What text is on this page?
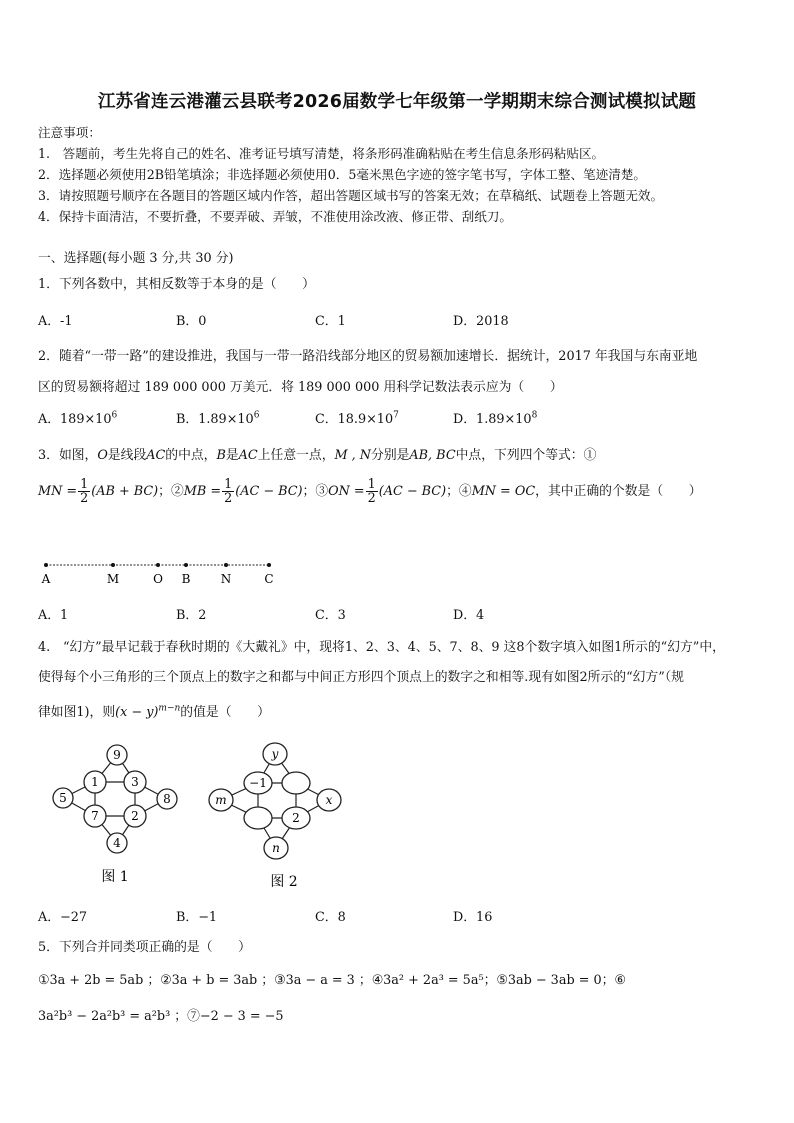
江苏省连云港灌云县联考2026届数学七年级第一学期期末综合测试模拟试题
注意事项：
1.　答题前，考生先将自己的姓名、准考证号填写清楚，将条形码准确粘贴在考生信息条形码粘贴区。
2．选择题必须使用2B铅笔填涂；非选择题必须使用0．5毫米黑色字迹的签字笔书写，字体工整、笔迹清楚。
3．请按照题号顺序在各题目的答题区域内作答，超出答题区域书写的答案无效；在草稿纸、试题卷上答题无效。
4．保持卡面清洁，不要折叠，不要弄破、弄皱，不准使用涂改液、修正带、刮纸刀。
一、选择题(每小题 3 分,共 30 分)
1．下列各数中，其相反数等于本身的是（　　）
A．-1	B．0	C．1	D．2018
2．随着“一带一路”的建设推进，我国与一带一路沿线部分地区的贸易额加速增长．据统计，2017 年我国与东南亚地
区的贸易额将超过 189 000 000 万美元．将 189 000 000 用科学记数法表示应为（　　）
A．$189\times 10^6$	B．$1.89\times 10^6$	C．$18.9\times 10^7$	D．$1.89\times 10^8$
3．如图，O是线段AC的中点，B是AC上任意一点，M , N分别是AB, BC中点，下列四个等式：①
MN = $\frac{1}{2} (AB + BC)$；②MB = $\frac{1}{2} (AC - BC)$；③ON = $\frac{1}{2} (AC - BC)$；④MN = OC，其中正确的个数是（　　）
A	M	O B	N	C
A．1	B．2	C．3	D．4
4.　“幻方”最早记载于春秋时期的《大戴礼》中，现将1、2、3、4、5、7、8、9 这8个数字填入如图1所示的“幻方”中，
使得每个小三角形的三个顶点上的数字之和都与中间正方形四个顶点上的数字之和相等.现有如图2所示的“幻方”（规
律如图1)，则$(x - y)^{m-n}$的值是（　　）
9
1	3
7	2
5	8
4
图 1
y
−1
2
m	x
n
图 2
A．−27	B．−1	C．8	D．16
5．下列合并同类项正确的是（　　）
①3a + 2b = 5ab ；②3a + b = 3ab ；③3a − a = 3 ；④3a² + 2a³ = 5a⁵；⑤3ab − 3ab = 0；⑥
3a²b³ − 2a²b³ = a²b³ ；⑦−2 − 3 = −5
